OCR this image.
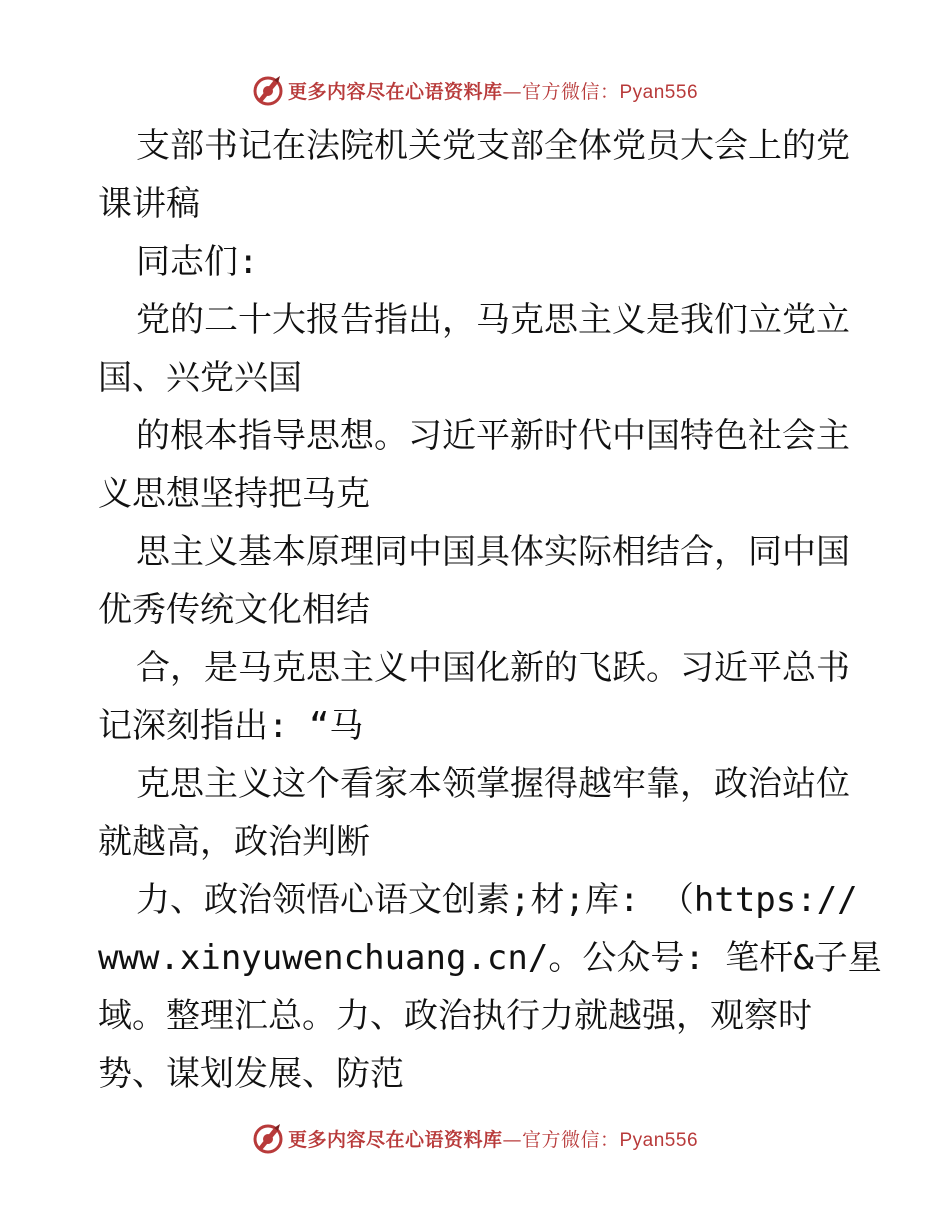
更多内容尽在心语资料库—官方微信：Pyan556
支部书记在法院机关党支部全体党员大会上的党
课讲稿
同志们:
党的二十大报告指出，马克思主义是我们立党立
国、兴党兴国
的根本指导思想。习近平新时代中国特色社会主
义思想坚持把马克
思主义基本原理同中国具体实际相结合，同中国
优秀传统文化相结
合，是马克思主义中国化新的飞跃。习近平总书
记深刻指出: “马
克思主义这个看家本领掌握得越牢靠，政治站位
就越高，政治判断
力、政治领悟心语文创素;材;库: （https://
www.xinyuwenchuang.cn/。公众号: 笔杆&子星
域。整理汇总。力、政治执行力就越强，观察时
势、谋划发展、防范
更多内容尽在心语资料库—官方微信：Pyan556
